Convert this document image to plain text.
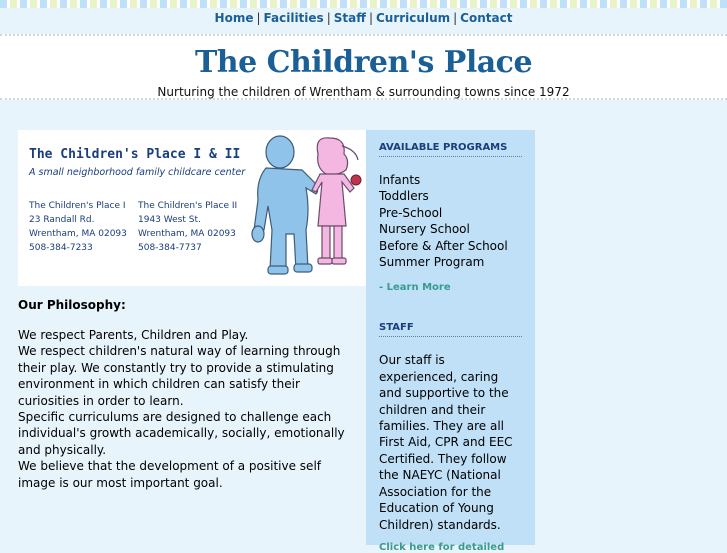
Home | Facilities | Staff | Curriculum | Contact
The Children's Place
Nurturing the children of Wrentham & surrounding towns since 1972
The Children's Place I & II
A small neighborhood family childcare center
The Children's Place I
23 Randall Rd.
Wrentham, MA 02093
508-384-7233
The Children's Place II
1943 West St.
Wrentham, MA 02093
508-384-7737
Our Philosophy:
We respect Parents, Children and Play.
We respect children's natural way of learning through their play. We constantly try to provide a stimulating environment in which children can satisfy their curiosities in order to learn.
Specific curriculums are designed to challenge each individual's growth academically, socially, emotionally and physically.
We believe that the development of a positive self image is our most important goal.
AVAILABLE PROGRAMS
Infants
Toddlers
Pre-School
Nursery School
Before & After School
Summer Program
- Learn More
STAFF
Our staff is experienced, caring and supportive to the children and their families. They are all First Aid, CPR and EEC Certified. They follow the NAEYC (National Association for the Education of Young Children) standards.
Click here for detailed
